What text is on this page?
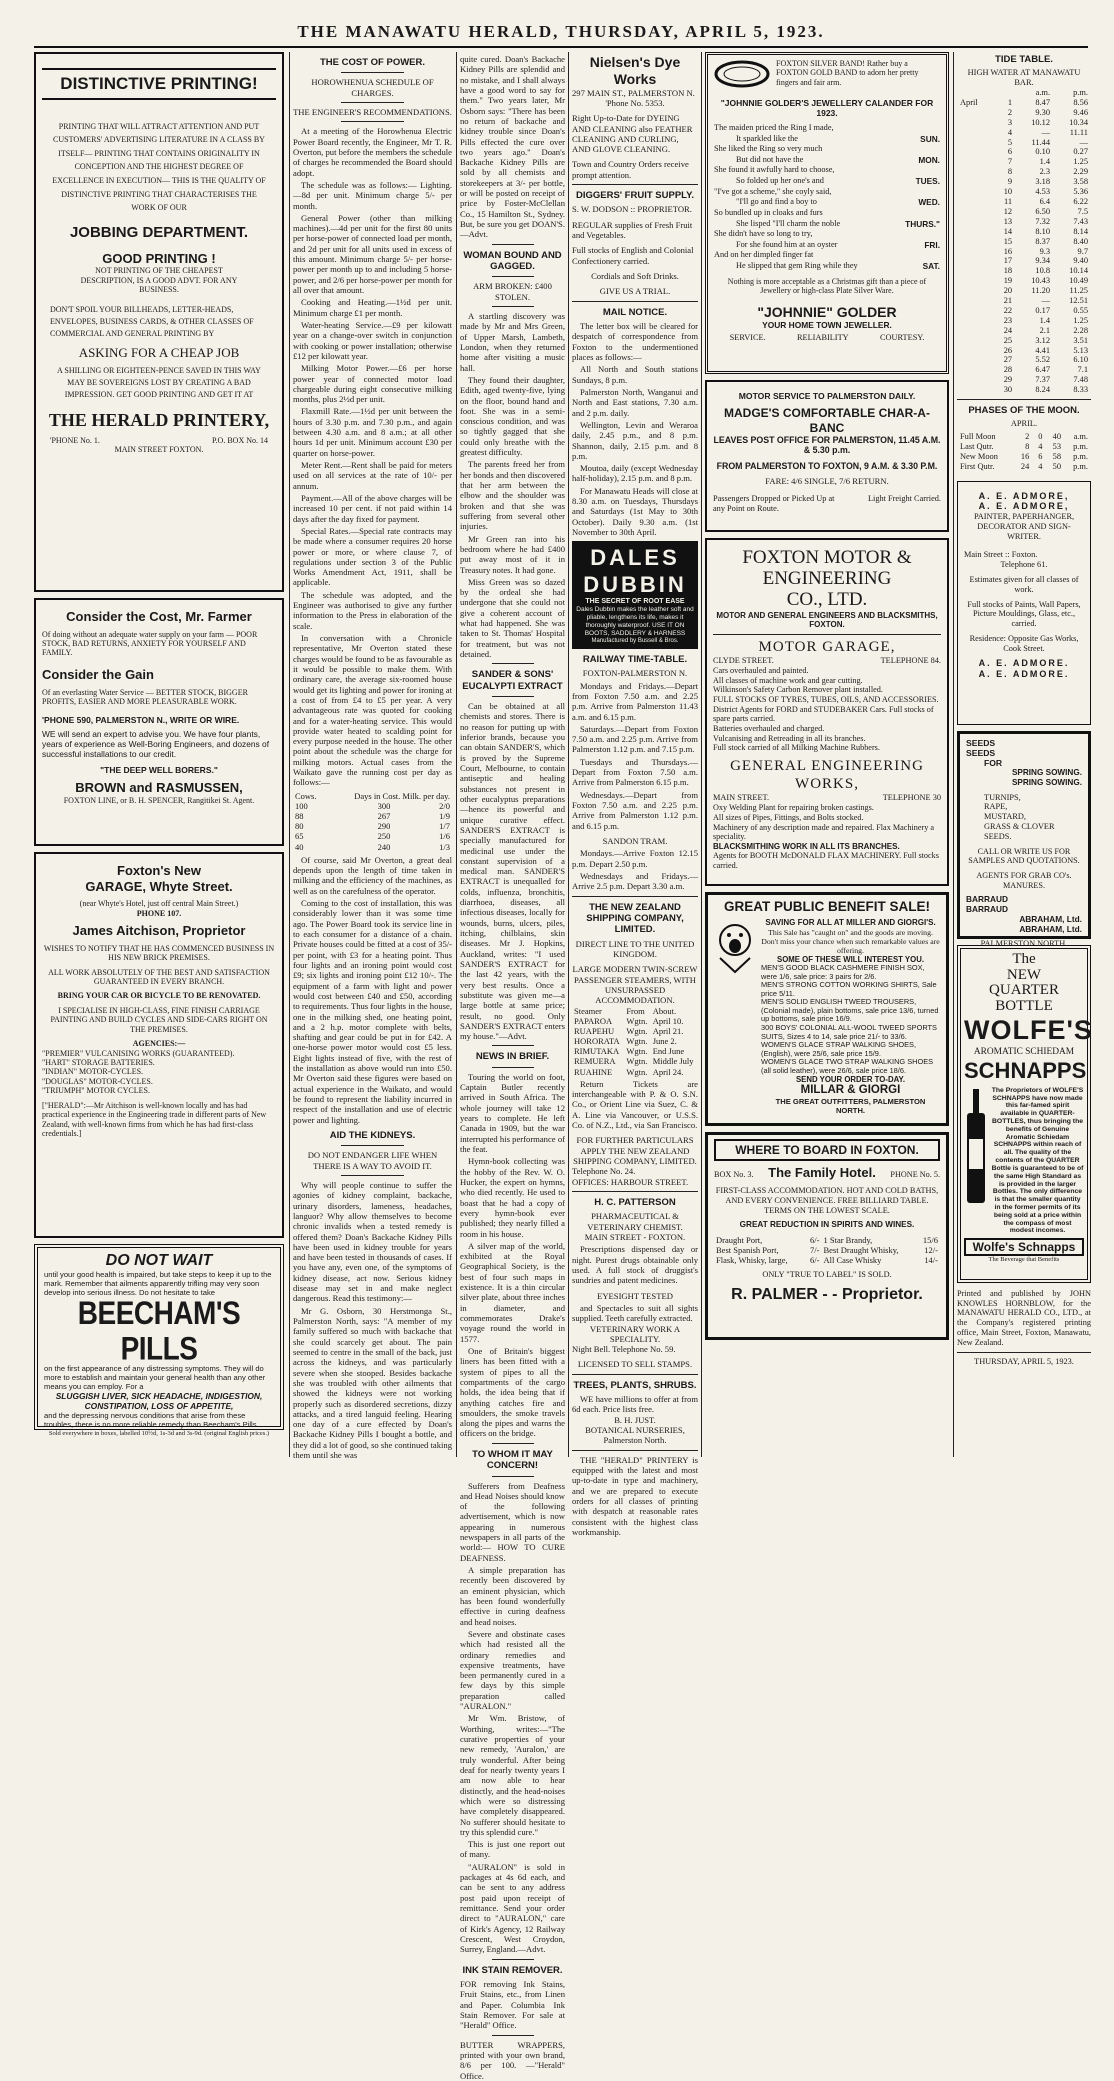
THE MANAWATU HERALD, THURSDAY, APRIL 5, 1923.
DISTINCTIVE PRINTING!
PRINTING THAT WILL ATTRACT ATTENTION AND PUT CUSTOMERS' ADVERTISING LITERATURE IN A CLASS BY ITSELF— PRINTING THAT CONTAINS ORIGINALITY IN CONCEPTION AND THE HIGHEST DEGREE OF EXCELLENCE IN EXECUTION— THIS IS THE QUALITY OF DISTINCTIVE PRINTING THAT CHARACTERISES THE WORK OF OUR
JOBBING DEPARTMENT.
GOOD PRINTING !
NOT PRINTING OF THE CHEAPEST DESCRIPTION, IS A GOOD ADVT. FOR ANY BUSINESS.
DON'T SPOIL YOUR BILLHEADS, LETTER-HEADS, ENVELOPES, BUSINESS CARDS, & OTHER CLASSES OF COMMERCIAL AND GENERAL PRINTING BY
ASKING FOR A CHEAP JOB
A SHILLING OR EIGHTEEN-PENCE SAVED IN THIS WAY MAY BE SOVEREIGNS LOST BY CREATING A BAD IMPRESSION. GET GOOD PRINTING AND GET IT AT
THE HERALD PRINTERY,
'PHONE No. 1.	P.O. BOX No. 14
MAIN STREET FOXTON.
Consider the Cost, Mr. Farmer
Of doing without an adequate water supply on your farm — POOR STOCK, BAD RETURNS, ANXIETY FOR YOURSELF AND FAMILY.
Consider the Gain
Of an everlasting Water Service — BETTER STOCK, BIGGER PROFITS, EASIER AND MORE PLEASURABLE WORK.
'PHONE 590, PALMERSTON N., WRITE OR WIRE.
WE will send an expert to advise you. We have four plants, years of experience as Well-Boring Engineers, and dozens of successful installations to our credit.
"THE DEEP WELL BORERS."
BROWN and RASMUSSEN,
FOXTON LINE, or B. H. SPENCER, Rangitikei St. Agent.
Foxton's New
GARAGE, Whyte Street.
(near Whyte's Hotel, just off central Main Street.)
PHONE 107.
James Aitchison, Proprietor
WISHES TO NOTIFY THAT HE HAS COMMENCED BUSINESS IN HIS NEW BRICK PREMISES.
ALL WORK ABSOLUTELY OF THE BEST AND SATISFACTION GUARANTEED IN EVERY BRANCH.
BRING YOUR CAR OR BICYCLE TO BE RENOVATED.
I SPECIALISE IN HIGH-CLASS, FINE FINISH CARRIAGE PAINTING AND BUILD CYCLES AND SIDE-CARS RIGHT ON THE PREMISES.
AGENCIES:—
"PREMIER" VULCANISING WORKS (GUARANTEED).
"HART" STORAGE BATTERIES.
"INDIAN" MOTOR-CYCLES.
"DOUGLAS" MOTOR-CYCLES.
"TRIUMPH" MOTOR CYCLES.
["HERALD":—Mr Aitchison is well-known locally and has had practical experience in the Engineering trade in different parts of New Zealand, with well-known firms from which he has had first-class credentials.]
DO NOT WAIT
until your good health is impaired, but take steps to keep it up to the mark. Remember that ailments apparently trifling may very soon develop into serious illness. Do not hesitate to take
BEECHAM'S PILLS
on the first appearance of any distressing symptoms. They will do more to establish and maintain your general health than any other means you can employ. For a
SLUGGISH LIVER, SICK HEADACHE, INDIGESTION, CONSTIPATION, LOSS OF APPETITE,
and the depressing nervous conditions that arise from these troubles, there is no more reliable remedy than Beecham's Pills.
Sold everywhere in boxes, labelled 10½d, 1s-3d and 3s-9d. (original English prices.)
THE COST OF POWER.
HOROWHENUA SCHEDULE OF CHARGES.
THE ENGINEER'S RECOMMENDATIONS.
At a meeting of the Horowhenua Electric Power Board recently, the Engineer, Mr T. R. Overton, put before the members the schedule of charges he recommended the Board should adopt.
The schedule was as follows:— Lighting.—8d per unit. Minimum charge 5/- per month.
General Power (other than milking machines).—4d per unit for the first 80 units per horse-power of connected load per month, and 2d per unit for all units used in excess of this amount. Minimum charge 5/- per horse-power per month up to and including 5 horse-power, and 2/6 per horse-power per month for all over that amount.
Cooking and Heating.—1½d per unit. Minimum charge £1 per month.
Water-heating Service.—£9 per kilowatt year on a change-over switch in conjunction with cooking or power installation; otherwise £12 per kilowatt year.
Milking Motor Power.—£6 per horse power year of connected motor load chargeable during eight consecutive milking months, plus 2½d per unit.
Flaxmill Rate.—1½d per unit between the hours of 3.30 p.m. and 7.30 p.m., and again between 4.30 a.m. and 8 a.m.; at all other hours 1d per unit. Minimum account £30 per quarter on horse-power.
Meter Rent.—Rent shall be paid for meters used on all services at the rate of 10/- per annum.
Payment.—All of the above charges will be increased 10 per cent. if not paid within 14 days after the day fixed for payment.
Special Rates.—Special rate contracts may be made where a consumer requires 20 horse power or more, or where clause 7, of regulations under section 3 of the Public Works Amendment Act, 1911, shall be applicable.
The schedule was adopted, and the Engineer was authorised to give any further information to the Press in elaboration of the scale.
In conversation with a Chronicle representative, Mr Overton stated these charges would be found to be as favourable as it would be possible to make them. With ordinary care, the average six-roomed house would get its lighting and power for ironing at a cost of from £4 to £5 per year. A very advantageous rate was quoted for cooking and for a water-heating service. This would provide water heated to scalding point for every purpose needed in the house. The other point about the schedule was the charge for milking motors. Actual cases from the Waikato gave the running cost per day as follows:—
Cows.	Days in Cost. Milk. per day.	
100	300	2/0
88	267	1/9
80	290	1/7
65	250	1/6
40	240	1/3
Of course, said Mr Overton, a great deal depends upon the length of time taken in milking and the efficiency of the machines, as well as on the carefulness of the operator.
Coming to the cost of installation, this was considerably lower than it was some time ago. The Power Board took its service line in to each consumer for a distance of a chain. Private houses could be fitted at a cost of 35/- per point, with £3 for a heating point. Thus four lights and an ironing point would cost £9; six lights and ironing point £12 10/-. The equipment of a farm with light and power would cost between £40 and £50, according to requirements. Thus four lights in the house, one in the milking shed, one heating point, and a 2 h.p. motor complete with belts, shafting and gear could be put in for £42. A one-horse power motor would cost £5 less. Eight lights instead of five, with the rest of the installation as above would run into £50. Mr Overton said these figures were based on actual experience in the Waikato, and would be found to represent the liability incurred in respect of the installation and use of electric power and lighting.
AID THE KIDNEYS.
DO NOT ENDANGER LIFE WHEN THERE IS A WAY TO AVOID IT.
Why will people continue to suffer the agonies of kidney complaint, backache, urinary disorders, lameness, headaches, languor? Why allow themselves to become chronic invalids when a tested remedy is offered them? Doan's Backache Kidney Pills have been used in kidney trouble for years and have been tested in thousands of cases. If you have any, even one, of the symptoms of kidney disease, act now. Serious kidney disease may set in and make neglect dangerous. Read this testimony:—
Mr G. Osborn, 30 Herstmonga St., Palmerston North, says: "A member of my family suffered so much with backache that she could scarcely get about. The pain seemed to centre in the small of the back, just across the kidneys, and was particularly severe when she stooped. Besides backache she was troubled with other ailments that showed the kidneys were not working properly such as disordered secretions, dizzy attacks, and a tired languid feeling. Hearing one day of a cure effected by Doan's Backache Kidney Pills I bought a bottle, and they did a lot of good, so she continued taking them until she was
quite cured. Doan's Backache Kidney Pills are splendid and no mistake, and I shall always have a good word to say for them." Two years later, Mr Osborn says: "There has been no return of backache and kidney trouble since Doan's Pills effected the cure over two years ago." Doan's Backache Kidney Pills are sold by all chemists and storekeepers at 3/- per bottle, or will be posted on receipt of price by Foster-McClellan Co., 15 Hamilton St., Sydney. But, be sure you get DOAN'S. —Advt.
WOMAN BOUND AND GAGGED.
ARM BROKEN: £400 STOLEN.
A startling discovery was made by Mr and Mrs Green, of Upper Marsh, Lambeth, London, when they returned home after visiting a music hall.
They found their daughter, Edith, aged twenty-five, lying on the floor, bound hand and foot. She was in a semi-conscious condition, and was so tightly gagged that she could only breathe with the greatest difficulty.
The parents freed her from her bonds and then discovered that her arm between the elbow and the shoulder was broken and that she was suffering from several other injuries.
Mr Green ran into his bedroom where he had £400 put away most of it in Treasury notes. It had gone.
Miss Green was so dazed by the ordeal she had undergone that she could not give a coherent account of what had happened. She was taken to St. Thomas' Hospital for treatment, but was not detained.
SANDER & SONS' EUCALYPTI EXTRACT
Can be obtained at all chemists and stores. There is no reason for putting up with inferior brands, because you can obtain SANDER'S, which is proved by the Supreme Court, Melbourne, to contain antiseptic and healing substances not present in other eucalyptus preparations—hence its powerful and unique curative effect. SANDER'S EXTRACT is specially manufactured for medicinal use under the constant supervision of a medical man. SANDER'S EXTRACT is unequalled for colds, influenza, bronchitis, diarrhoea, diseases, all infectious diseases, locally for wounds, burns, ulcers, piles, itching, chilblains, skin diseases. Mr J. Hopkins, Auckland, writes: "I used SANDER'S EXTRACT for the last 42 years, with the very best results. Once a substitute was given me—a large bottle at same price; result, no good. Only SANDER'S EXTRACT enters my house."—Advt.
NEWS IN BRIEF.
Touring the world on foot, Captain Butler recently arrived in South Africa. The whole journey will take 12 years to complete. He left Canada in 1909, but the war interrupted his performance of the feat.
Hymn-book collecting was the hobby of the Rev. W. O. Hucker, the expert on hymns, who died recently. He used to boast that he had a copy of every hymn-book ever published; they nearly filled a room in his house.
A silver map of the world, exhibited at the Royal Geographical Society, is the best of four such maps in existence. It is a thin circular silver plate, about three inches in diameter, and commemorates Drake's voyage round the world in 1577.
One of Britain's biggest liners has been fitted with a system of pipes to all the compartments of the cargo holds, the idea being that if anything catches fire and smoulders, the smoke travels along the pipes and warns the officers on the bridge.
TO WHOM IT MAY CONCERN!
Sufferers from Deafness and Head Noises should know of the following advertisement, which is now appearing in numerous newspapers in all parts of the world:— HOW TO CURE DEAFNESS.
A simple preparation has recently been discovered by an eminent physician, which has been found wonderfully effective in curing deafness and head noises.
Severe and obstinate cases which had resisted all the ordinary remedies and expensive treatments, have been permanently cured in a few days by this simple preparation called "AURALON."
Mr Wm. Bristow, of Worthing, writes:—"The curative properties of your new remedy, 'Auralon,' are truly wonderful. After being deaf for nearly twenty years I am now able to hear distinctly, and the head-noises which were so distressing have completely disappeared. No sufferer should hesitate to try this splendid cure."
This is just one report out of many.
"AURALON" is sold in packages at 4s 6d each, and can be sent to any address post paid upon receipt of remittance. Send your order direct to "AURALON," care of Kirk's Agency, 12 Railway Crescent, West Croydon, Surrey, England.—Advt.
INK STAIN REMOVER.
FOR removing Ink Stains, Fruit Stains, etc., from Linen and Paper. Columbia Ink Stain Remover. For sale at "Herald" Office.
BUTTER WRAPPERS, printed with your own brand, 8/6 per 100. —"Herald" Office.
Nielsen's Dye
Works
297 MAIN ST., PALMERSTON N.
'Phone No. 5353.
Right Up-to-Date for DYEING AND CLEANING also FEATHER CLEANING AND CURLING, AND GLOVE CLEANING.
Town and Country Orders receive prompt attention.
DIGGERS' FRUIT SUPPLY.
S. W. DODSON :: PROPRIETOR.
REGULAR supplies of Fresh Fruit and Vegetables.
Full stocks of English and Colonial Confectionery carried.
Cordials and Soft Drinks.
GIVE US A TRIAL.
MAIL NOTICE.
The letter box will be cleared for despatch of correspondence from Foxton to the undermentioned places as follows:—
All North and South stations Sundays, 8 p.m.
Palmerston North, Wanganui and North and East stations, 7.30 a.m. and 2 p.m. daily.
Wellington, Levin and Weraroa daily, 2.45 p.m., and 8 p.m. Shannon, daily, 2.15 p.m. and 8 p.m.
Moutoa, daily (except Wednesday half-holiday), 2.15 p.m. and 8 p.m.
For Manawatu Heads will close at 8.30 a.m. on Tuesdays, Thursdays and Saturdays (1st May to 30th October). Daily 9.30 a.m. (1st November to 30th April.
DALES DUBBIN
THE SECRET OF ROOT EASE
Dales Dubbin makes the leather soft and pliable, lengthens its life, makes it thoroughly waterproof. USE IT ON BOOTS, SADDLERY & HARNESS
Manufactured by Bussell & Bros.
RAILWAY TIME-TABLE.
FOXTON-PALMERSTON N.
Mondays and Fridays.—Depart from Foxton 7.50 a.m. and 2.25 p.m. Arrive from Palmerston 11.43 a.m. and 6.15 p.m.
Saturdays.—Depart from Foxton 7.50 a.m. and 2.25 p.m. Arrive from Palmerston 1.12 p.m. and 7.15 p.m.
Tuesdays and Thursdays.—Depart from Foxton 7.50 a.m. Arrive from Palmerston 6.15 p.m.
Wednesdays.—Depart from Foxton 7.50 a.m. and 2.25 p.m. Arrive from Palmerston 1.12 p.m. and 6.15 p.m.
SANDON TRAM.
Mondays.—Arrive Foxton 12.15 p.m. Depart 2.50 p.m.
Wednesdays and Fridays.—Arrive 2.5 p.m. Depart 3.30 a.m.
THE NEW ZEALAND SHIPPING COMPANY, LIMITED.
DIRECT LINE TO THE UNITED KINGDOM.
LARGE MODERN TWIN-SCREW PASSENGER STEAMERS, WITH UNSURPASSED ACCOMMODATION.
Steamer	From	About.
PAPAROA	Wgtn.	April 10.
RUAPEHU	Wgtn.	April 21.
HORORATA	Wgtn.	June 2.
RIMUTAKA	Wgtn.	End June
REMUERA	Wgtn.	Middle July
RUAHINE	Wgtn.	April 24.
Return Tickets are interchangeable with P. & O. S.N. Co., or Orient Line via Suez, C. & A. Line via Vancouver, or U.S.S. Co. of N.Z., Ltd., via San Francisco.
FOR FURTHER PARTICULARS APPLY THE NEW ZEALAND SHIPPING COMPANY, LIMITED.
Telephone No. 24.
OFFICES: HARBOUR STREET.
H. C. PATTERSON
PHARMACEUTICAL & VETERINARY CHEMIST.
MAIN STREET - FOXTON.
Prescriptions dispensed day or night. Purest drugs obtainable only used. A full stock of druggist's sundries and patent medicines.
EYESIGHT TESTED
and Spectacles to suit all sights supplied. Teeth carefully extracted.
VETERINARY WORK A SPECIALITY.
Night Bell. Telephone No. 59.
LICENSED TO SELL STAMPS.
TREES, PLANTS, SHRUBS.
WE have millions to offer at from 6d each. Price lists free.
B. H. JUST.
BOTANICAL NURSERIES, Palmerston North.
THE "HERALD" PRINTERY is equipped with the latest and most up-to-date in type and machinery, and we are prepared to execute orders for all classes of printing with despatch at reasonable rates consistent with the highest class workmanship.
FOXTON SILVER BAND! Rather buy a FOXTON GOLD BAND to adorn her pretty fingers and fair arm.
"JOHNNIE GOLDER'S JEWELLERY CALANDER FOR 1923.
The maiden priced the Ring I made,
It sparkled like the	SUN.
She liked the Ring so very much
But did not have the	MON.
She found it awfully hard to choose,
So folded up her one's and	TUES.
"I've got a scheme," she coyly said,
"I'll go and find a boy to	WED.
So bundled up in cloaks and furs
She lisped "I'll charm the noble	THURS."
She didn't have so long to try,
For she found him at an oyster	FRI.
And on her dimpled finger fat
He slipped that gem Ring while they	SAT.
Nothing is more acceptable as a Christmas gift than a piece of Jewellery or high-class Plate Silver Ware.
"JOHNNIE" GOLDER
YOUR HOME TOWN JEWELLER.
SERVICE.	RELIABILITY	COURTESY.
MOTOR SERVICE TO PALMERSTON DAILY.
MADGE'S COMFORTABLE CHAR-A-BANC
LEAVES POST OFFICE FOR PALMERSTON, 11.45 A.M. & 5.30 p.m.
FROM PALMERSTON TO FOXTON, 9 A.M. & 3.30 P.M.
FARE: 4/6 SINGLE, 7/6 RETURN.
Passengers Dropped or Picked Up at any Point on Route.
Light Freight Carried.
FOXTON MOTOR &
ENGINEERING
CO., LTD.
MOTOR AND GENERAL ENGINEERS AND BLACKSMITHS, FOXTON.
MOTOR GARAGE,
CLYDE STREET.	TELEPHONE 84.
Cars overhauled and painted.
All classes of machine work and gear cutting.
Wilkinson's Safety Carbon Remover plant installed.
FULL STOCKS OF TYRES, TUBES, OILS, AND ACCESSORIES.
District Agents for FORD and STUDEBAKER Cars. Full stocks of spare parts carried.
Batteries overhauled and charged.
Vulcanising and Retreading in all its branches.
Full stock carried of all Milking Machine Rubbers.
GENERAL ENGINEERING WORKS,
MAIN STREET.	TELEPHONE 30
Oxy Welding Plant for repairing broken castings.
All sizes of Pipes, Fittings, and Bolts stocked.
Machinery of any description made and repaired. Flax Machinery a speciality.
BLACKSMITHING WORK IN ALL ITS BRANCHES.
Agents for BOOTH McDONALD FLAX MACHINERY. Full stocks carried.
GREAT PUBLIC BENEFIT SALE!
SAVING FOR ALL AT MILLER AND GIORGI'S.
This Sale has "caught on" and the goods are moving. Don't miss your chance when such remarkable values are offering.
SOME OF THESE WILL INTEREST YOU.
MEN'S GOOD BLACK CASHMERE FINISH SOX, were 1/6, sale price: 3 pairs for 2/6.
MEN'S STRONG COTTON WORKING SHIRTS, Sale price 5/11.
MEN'S SOLID ENGLISH TWEED TROUSERS, (Colonial made), plain bottoms, sale price 13/6, turned up bottoms, sale price 16/9.
300 BOYS' COLONIAL ALL-WOOL TWEED SPORTS SUITS, Sizes 4 to 14, sale price 21/- to 33/6.
WOMEN'S GLACE STRAP WALKING SHOES, (English), were 25/6, sale price 15/9.
WOMEN'S GLACE TWO STRAP WALKING SHOES (all solid leather), were 26/6, sale price 18/6.
SEND YOUR ORDER TO-DAY.
MILLAR & GIORGI
THE GREAT OUTFITTERS, PALMERSTON NORTH.
WHERE TO BOARD IN FOXTON.
BOX No. 3. The Family Hotel. PHONE No. 5.
FIRST-CLASS ACCOMMODATION. HOT AND COLD BATHS, AND EVERY CONVENIENCE. FREE BILLIARD TABLE. TERMS ON THE LOWEST SCALE.
GREAT REDUCTION IN SPIRITS AND WINES.
Draught Port,	6/-	1 Star Brandy,	15/6
Best Spanish Port,	7/-	Best Draught Whisky,	12/-
Flask, Whisky, large,	6/-	All Case Whisky	14/-
ONLY "TRUE TO LABEL" IS SOLD.
R. PALMER - - Proprietor.
TIDE TABLE.
HIGH WATER AT MANAWATU BAR.
		a.m.	p.m.
April	1	8.47	8.56
	2	9.30	9.46
	3	10.12	10.34
	4	—	11.11
	5	11.44	—
	6	0.10	0.27
	7	1.4	1.25
	8	2.3	2.29
	9	3.18	3.58
	10	4.53	5.36
	11	6.4	6.22
	12	6.50	7.5
	13	7.32	7.43
	14	8.10	8.14
	15	8.37	8.40
	16	9.3	9.7
	17	9.34	9.40
	18	10.8	10.14
	19	10.43	10.49
	20	11.20	11.25
	21	—	12.51
	22	0.17	0.55
	23	1.4	1.25
	24	2.1	2.28
	25	3.12	3.51
	26	4.41	5.13
	27	5.52	6.10
	28	6.47	7.1
	29	7.37	7.48
	30	8.24	8.33
PHASES OF THE MOON.
APRIL.
Full Moon	2	0	40	a.m.
Last Qutr.	8	4	53	p.m.
New Moon	16	6	58	p.m.
First Qutr.	24	4	50	p.m.
A. E. ADMORE,
A. E. ADMORE,
PAINTER, PAPERHANGER, DECORATOR AND SIGN-WRITER.
Main Street :: Foxton.
Telephone 61.
Estimates given for all classes of work.
Full stocks of Paints, Wall Papers, Picture Mouldings, Glass, etc., carried.
Residence: Opposite Gas Works, Cook Street.
A. E. ADMORE.
A. E. ADMORE.
SEEDS
SEEDS
FOR
SPRING SOWING.
SPRING SOWING.
TURNIPS,
RAPE,
MUSTARD,
GRASS & CLOVER SEEDS.
CALL OR WRITE US FOR SAMPLES AND QUOTATIONS.
AGENTS FOR GRAB CO's. MANURES.
BARRAUD
BARRAUD
ABRAHAM, Ltd.
ABRAHAM, Ltd.
PALMERSTON NORTH.
The
NEW
QUARTER
BOTTLE
WOLFE'S
AROMATIC SCHIEDAM
SCHNAPPS
The Proprietors of WOLFE'S SCHNAPPS have now made this far-famed spirit available in QUARTER-BOTTLES, thus bringing the benefits of Genuine Aromatic Schiedam SCHNAPPS within reach of all. The quality of the contents of the QUARTER Bottle is guaranteed to be of the same High Standard as is provided in the larger Bottles. The only difference is that the smaller quantity in the former permits of its being sold at a price within the compass of most modest incomes.
Wolfe's Schnapps
The Beverage that Benefits
Printed and published by JOHN KNOWLES HORNBLOW, for the MANAWATU HERALD CO., LTD., at the Company's registered printing office, Main Street, Foxton, Manawatu, New Zealand.
THURSDAY, APRIL 5, 1923.
